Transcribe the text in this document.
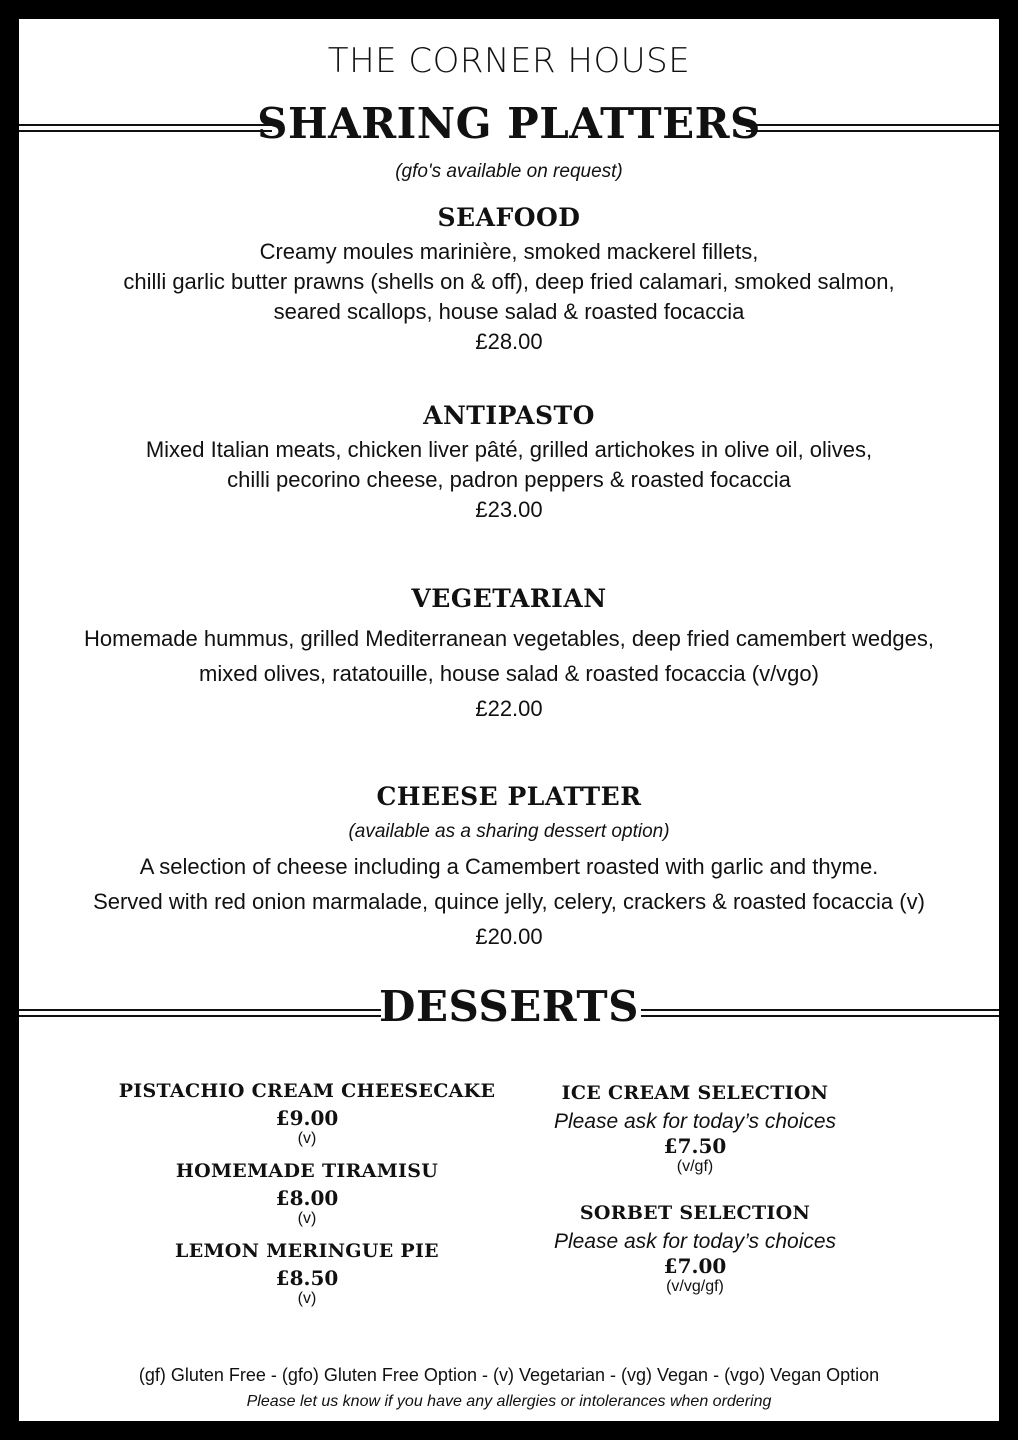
THE CORNER HOUSE
SHARING PLATTERS
(gfo's available on request)
SEAFOOD
Creamy moules marinière, smoked mackerel fillets,
chilli garlic butter prawns (shells on & off), deep fried calamari, smoked salmon,
seared scallops, house salad & roasted focaccia
£28.00
ANTIPASTO
Mixed Italian meats, chicken liver pâté, grilled artichokes in olive oil, olives,
chilli pecorino cheese, padron peppers & roasted focaccia
£23.00
VEGETARIAN
Homemade hummus, grilled Mediterranean vegetables, deep fried camembert wedges,
mixed olives, ratatouille, house salad & roasted focaccia (v/vgo)
£22.00
CHEESE PLATTER
(available as a sharing dessert option)
A selection of cheese including a Camembert roasted with garlic and thyme.
Served with red onion marmalade, quince jelly, celery, crackers & roasted focaccia (v)
£20.00
DESSERTS
PISTACHIO CREAM CHEESECAKE
£9.00
(v)
HOMEMADE TIRAMISU
£8.00
(v)
LEMON MERINGUE PIE
£8.50
(v)
ICE CREAM SELECTION
Please ask for today’s choices
£7.50
(v/gf)
SORBET SELECTION
Please ask for today’s choices
£7.00
(v/vg/gf)
(gf) Gluten Free - (gfo) Gluten Free Option - (v) Vegetarian - (vg) Vegan - (vgo) Vegan Option
Please let us know if you have any allergies or intolerances when ordering
